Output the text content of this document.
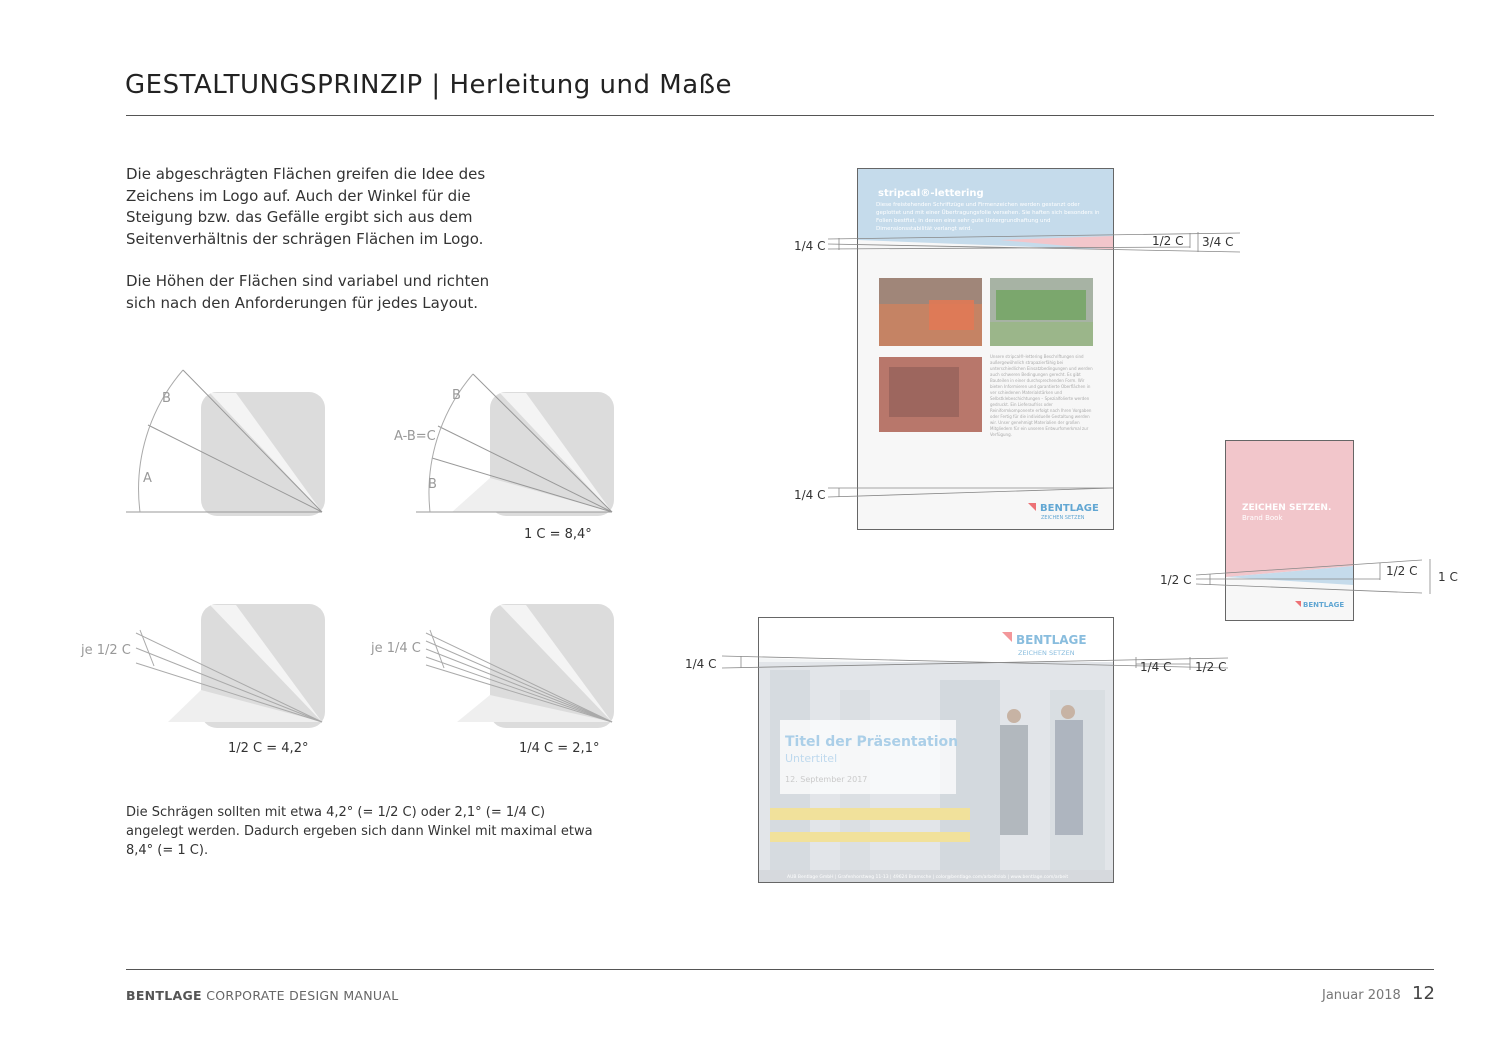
GESTALTUNGSPRINZIP | Herleitung und Maße

Die abgeschrägten Flächen greifen die Idee des Zeichens im Logo auf. Auch der Winkel für die Steigung bzw. das Gefälle ergibt sich aus dem Seitenverhältnis der schrägen Flächen im Logo.

Die Höhen der Flächen sind variabel und richten sich nach den Anforderungen für jedes Layout.

B
A
B
A-B=C
B
1 C = 8,4°
je 1/2 C
1/2 C = 4,2°
je 1/4 C
1/4 C = 2,1°
stripcal®-lettering
Diese freistehenden Schriftzüge und Firmenzeichen werden gestanzt oder geplottet und mit einer Übertragungsfolie versehen. Sie haften sich besonders in Folien bestfixt, in denen eine sehr gute Untergrundhaftung und Dimensionsstabilität verlangt wird.
Unsere stripcal®-lettering Beschriftungen sind außergewöhnlich strapazierfähig bei unterschiedlichen Einsatzbedingungen und werden auch schweren Bedingungen gerecht. Es gibt Bauteilen in einer durchsprechenden Form. Wir bieten Informieren und garantierte Oberflächen in ver schiedenen Materialstärken und Selbstklebeschichtungen – Spezialfolierte werden gedruckt. Ein Lieferaufriss oder Reiniformkomponente erfolgt nach Ihren Vorgaben oder Fertig für die individuelle Gestaltung werden wir. Unser genehmigt Materialien der großen Mitgliedern für ein unseren Entwurfsmerkmal zur Verfügung.
BENTLAGE
ZEICHEN SETZEN
1/4 C	1/2 C 3/4 C
1/4 C
ZEICHEN SETZEN.
Brand Book
BENTLAGE
1/2 C
1/2 C 1 C
Titel der Präsentation
Untertitel
12. September 2017
AUB Bentlage GmbH | Grafenhorstweg 11-13 | 49624 Bramsche | color@bentlage.com/arbeitslob | www.bentlage.com/arbeit
BENTLAGE
ZEICHEN SETZEN
1/4 C	1/4 C 1/2 C
Die Schrägen sollten mit etwa 4,2° (= 1/2 C) oder 2,1° (= 1/4 C) angelegt werden. Dadurch ergeben sich dann Winkel mit maximal etwa 8,4° (= 1 C).
BENTLAGE CORPORATE DESIGN MANUAL	Januar 2018 12
